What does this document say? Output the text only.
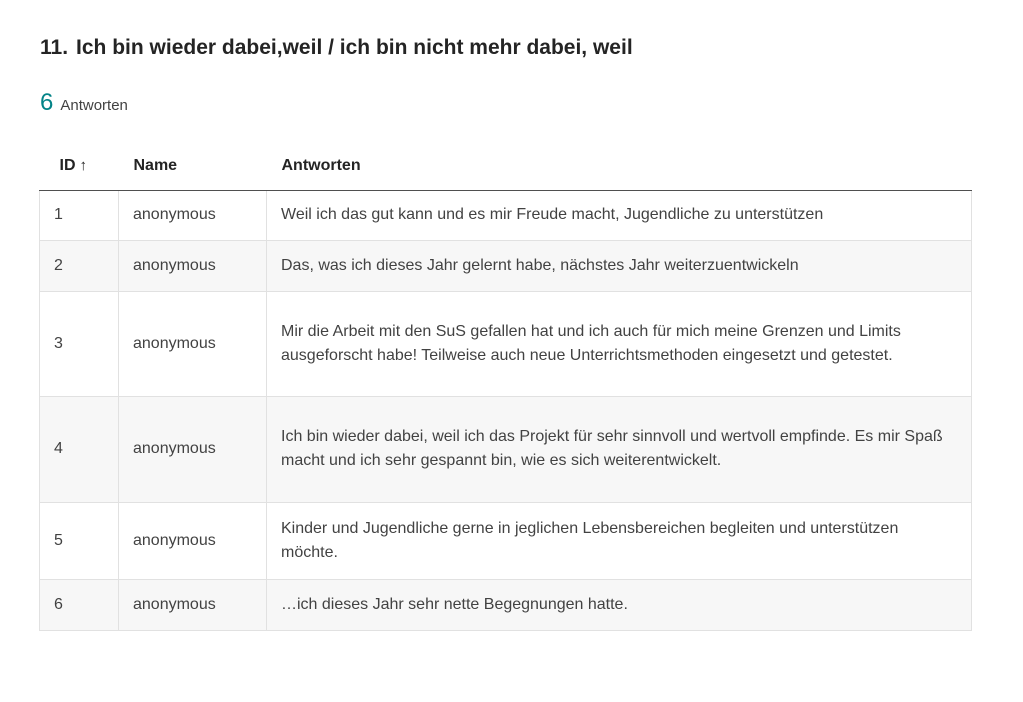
11. Ich bin wieder dabei,weil / ich bin nicht mehr dabei, weil
6 Antworten
ID ↑	Name	Antworten
1	anonymous	Weil ich das gut kann und es mir Freude macht, Jugendliche zu unterstützen
2	anonymous	Das, was ich dieses Jahr gelernt habe, nächstes Jahr weiterzuentwickeln
3	anonymous	Mir die Arbeit mit den SuS gefallen hat und ich auch für mich meine Grenzen und Limits ausgeforscht habe! Teilweise auch neue Unterrichtsmethoden eingesetzt und getestet.
4	anonymous	Ich bin wieder dabei, weil ich das Projekt für sehr sinnvoll und wertvoll empfinde. Es mir Spaß macht und ich sehr gespannt bin, wie es sich weiterentwickelt.
5	anonymous	Kinder und Jugendliche gerne in jeglichen Lebensbereichen begleiten und unterstützen möchte.
6	anonymous	…ich dieses Jahr sehr nette Begegnungen hatte.
